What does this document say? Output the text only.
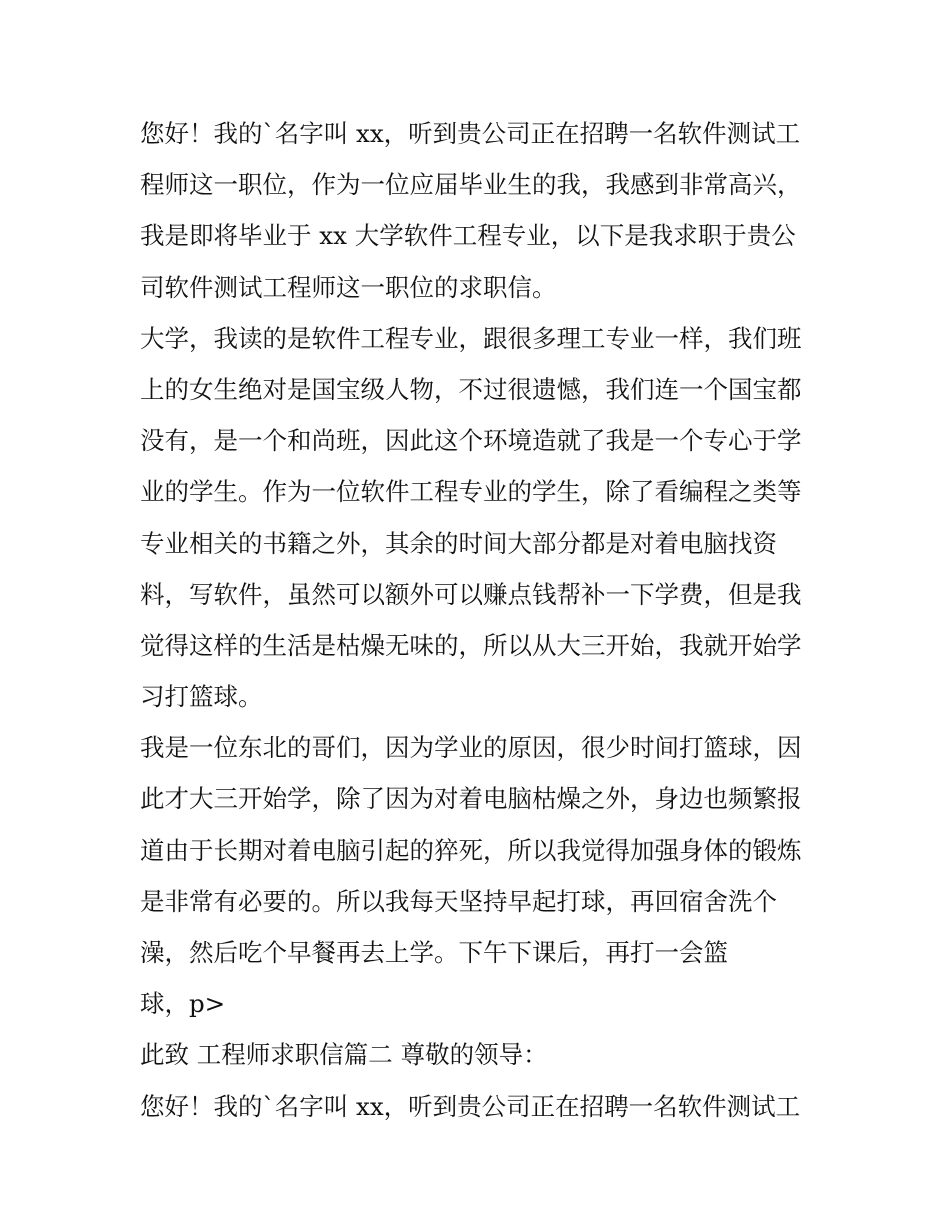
您好！我的`名字叫 xx，听到贵公司正在招聘一名软件测试工
程师这一职位，作为一位应届毕业生的我，我感到非常高兴，
我是即将毕业于 xx 大学软件工程专业，以下是我求职于贵公
司软件测试工程师这一职位的求职信。
大学，我读的是软件工程专业，跟很多理工专业一样，我们班
上的女生绝对是国宝级人物，不过很遗憾，我们连一个国宝都
没有，是一个和尚班，因此这个环境造就了我是一个专心于学
业的学生。作为一位软件工程专业的学生，除了看编程之类等
专业相关的书籍之外，其余的时间大部分都是对着电脑找资
料，写软件，虽然可以额外可以赚点钱帮补一下学费，但是我
觉得这样的生活是枯燥无味的，所以从大三开始，我就开始学
习打篮球。
我是一位东北的哥们，因为学业的原因，很少时间打篮球，因
此才大三开始学，除了因为对着电脑枯燥之外，身边也频繁报
道由于长期对着电脑引起的猝死，所以我觉得加强身体的锻炼
是非常有必要的。所以我每天坚持早起打球，再回宿舍洗个
澡，然后吃个早餐再去上学。下午下课后，再打一会篮
球，p>
此致 工程师求职信篇二 尊敬的领导：
您好！我的`名字叫 xx，听到贵公司正在招聘一名软件测试工
